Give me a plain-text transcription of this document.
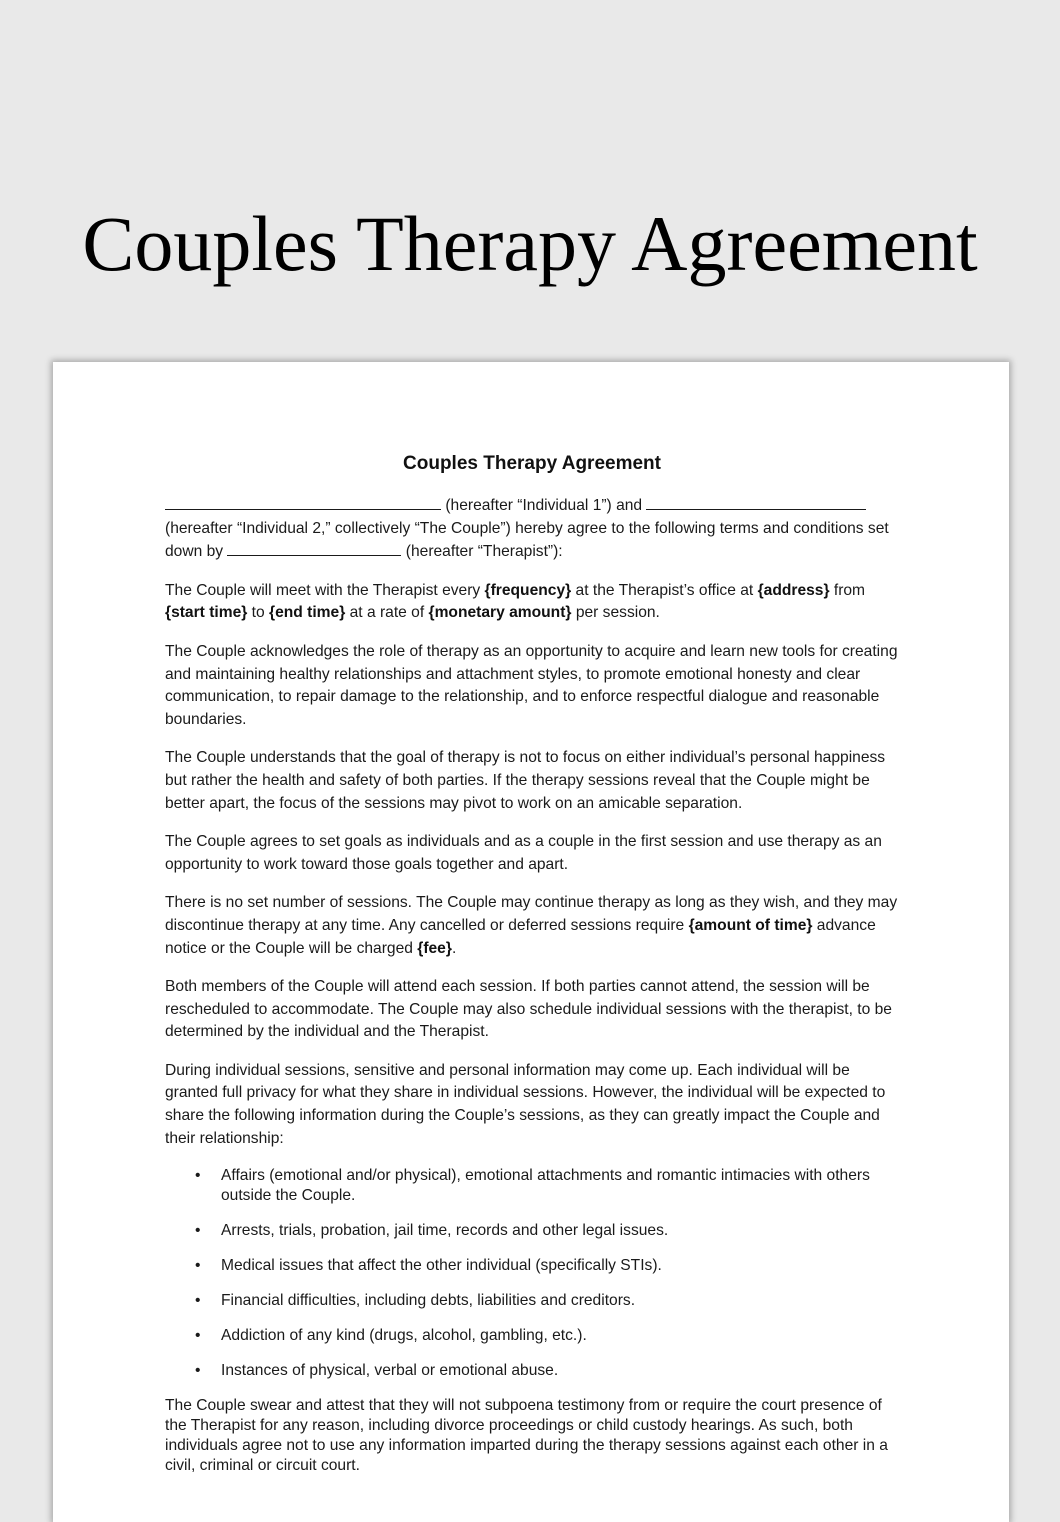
Couples Therapy Agreement
Couples Therapy Agreement

(hereafter “Individual 1”) and  (hereafter “Individual 2,” collectively “The Couple”) hereby agree to the following terms and conditions set down by	(hereafter “Therapist”):

The Couple will meet with the Therapist every {frequency} at the Therapist’s office at {address} from {start time} to {end time} at a rate of {monetary amount} per session.

The Couple acknowledges the role of therapy as an opportunity to acquire and learn new tools for creating and maintaining healthy relationships and attachment styles, to promote emotional honesty and clear communication, to repair damage to the relationship, and to enforce respectful dialogue and reasonable boundaries.

The Couple understands that the goal of therapy is not to focus on either individual’s personal happiness but rather the health and safety of both parties. If the therapy sessions reveal that the Couple might be better apart, the focus of the sessions may pivot to work on an amicable separation.

The Couple agrees to set goals as individuals and as a couple in the first session and use therapy as an opportunity to work toward those goals together and apart.

There is no set number of sessions. The Couple may continue therapy as long as they wish, and they may discontinue therapy at any time. Any cancelled or deferred sessions require {amount of time} advance notice or the Couple will be charged {fee}.

Both members of the Couple will attend each session. If both parties cannot attend, the session will be rescheduled to accommodate. The Couple may also schedule individual sessions with the therapist, to be determined by the individual and the Therapist.

During individual sessions, sensitive and personal information may come up. Each individual will be granted full privacy for what they share in individual sessions. However, the individual will be expected to share the following information during the Couple’s sessions, as they can greatly impact the Couple and their relationship:

• Affairs (emotional and/or physical), emotional attachments and romantic intimacies with others outside the Couple.
• Arrests, trials, probation, jail time, records and other legal issues.
• Medical issues that affect the other individual (specifically STIs).
• Financial difficulties, including debts, liabilities and creditors.
• Addiction of any kind (drugs, alcohol, gambling, etc.).
• Instances of physical, verbal or emotional abuse.

The Couple swear and attest that they will not subpoena testimony from or require the court presence of the Therapist for any reason, including divorce proceedings or child custody hearings. As such, both individuals agree not to use any information imparted during the therapy sessions against each other in a civil, criminal or circuit court.
